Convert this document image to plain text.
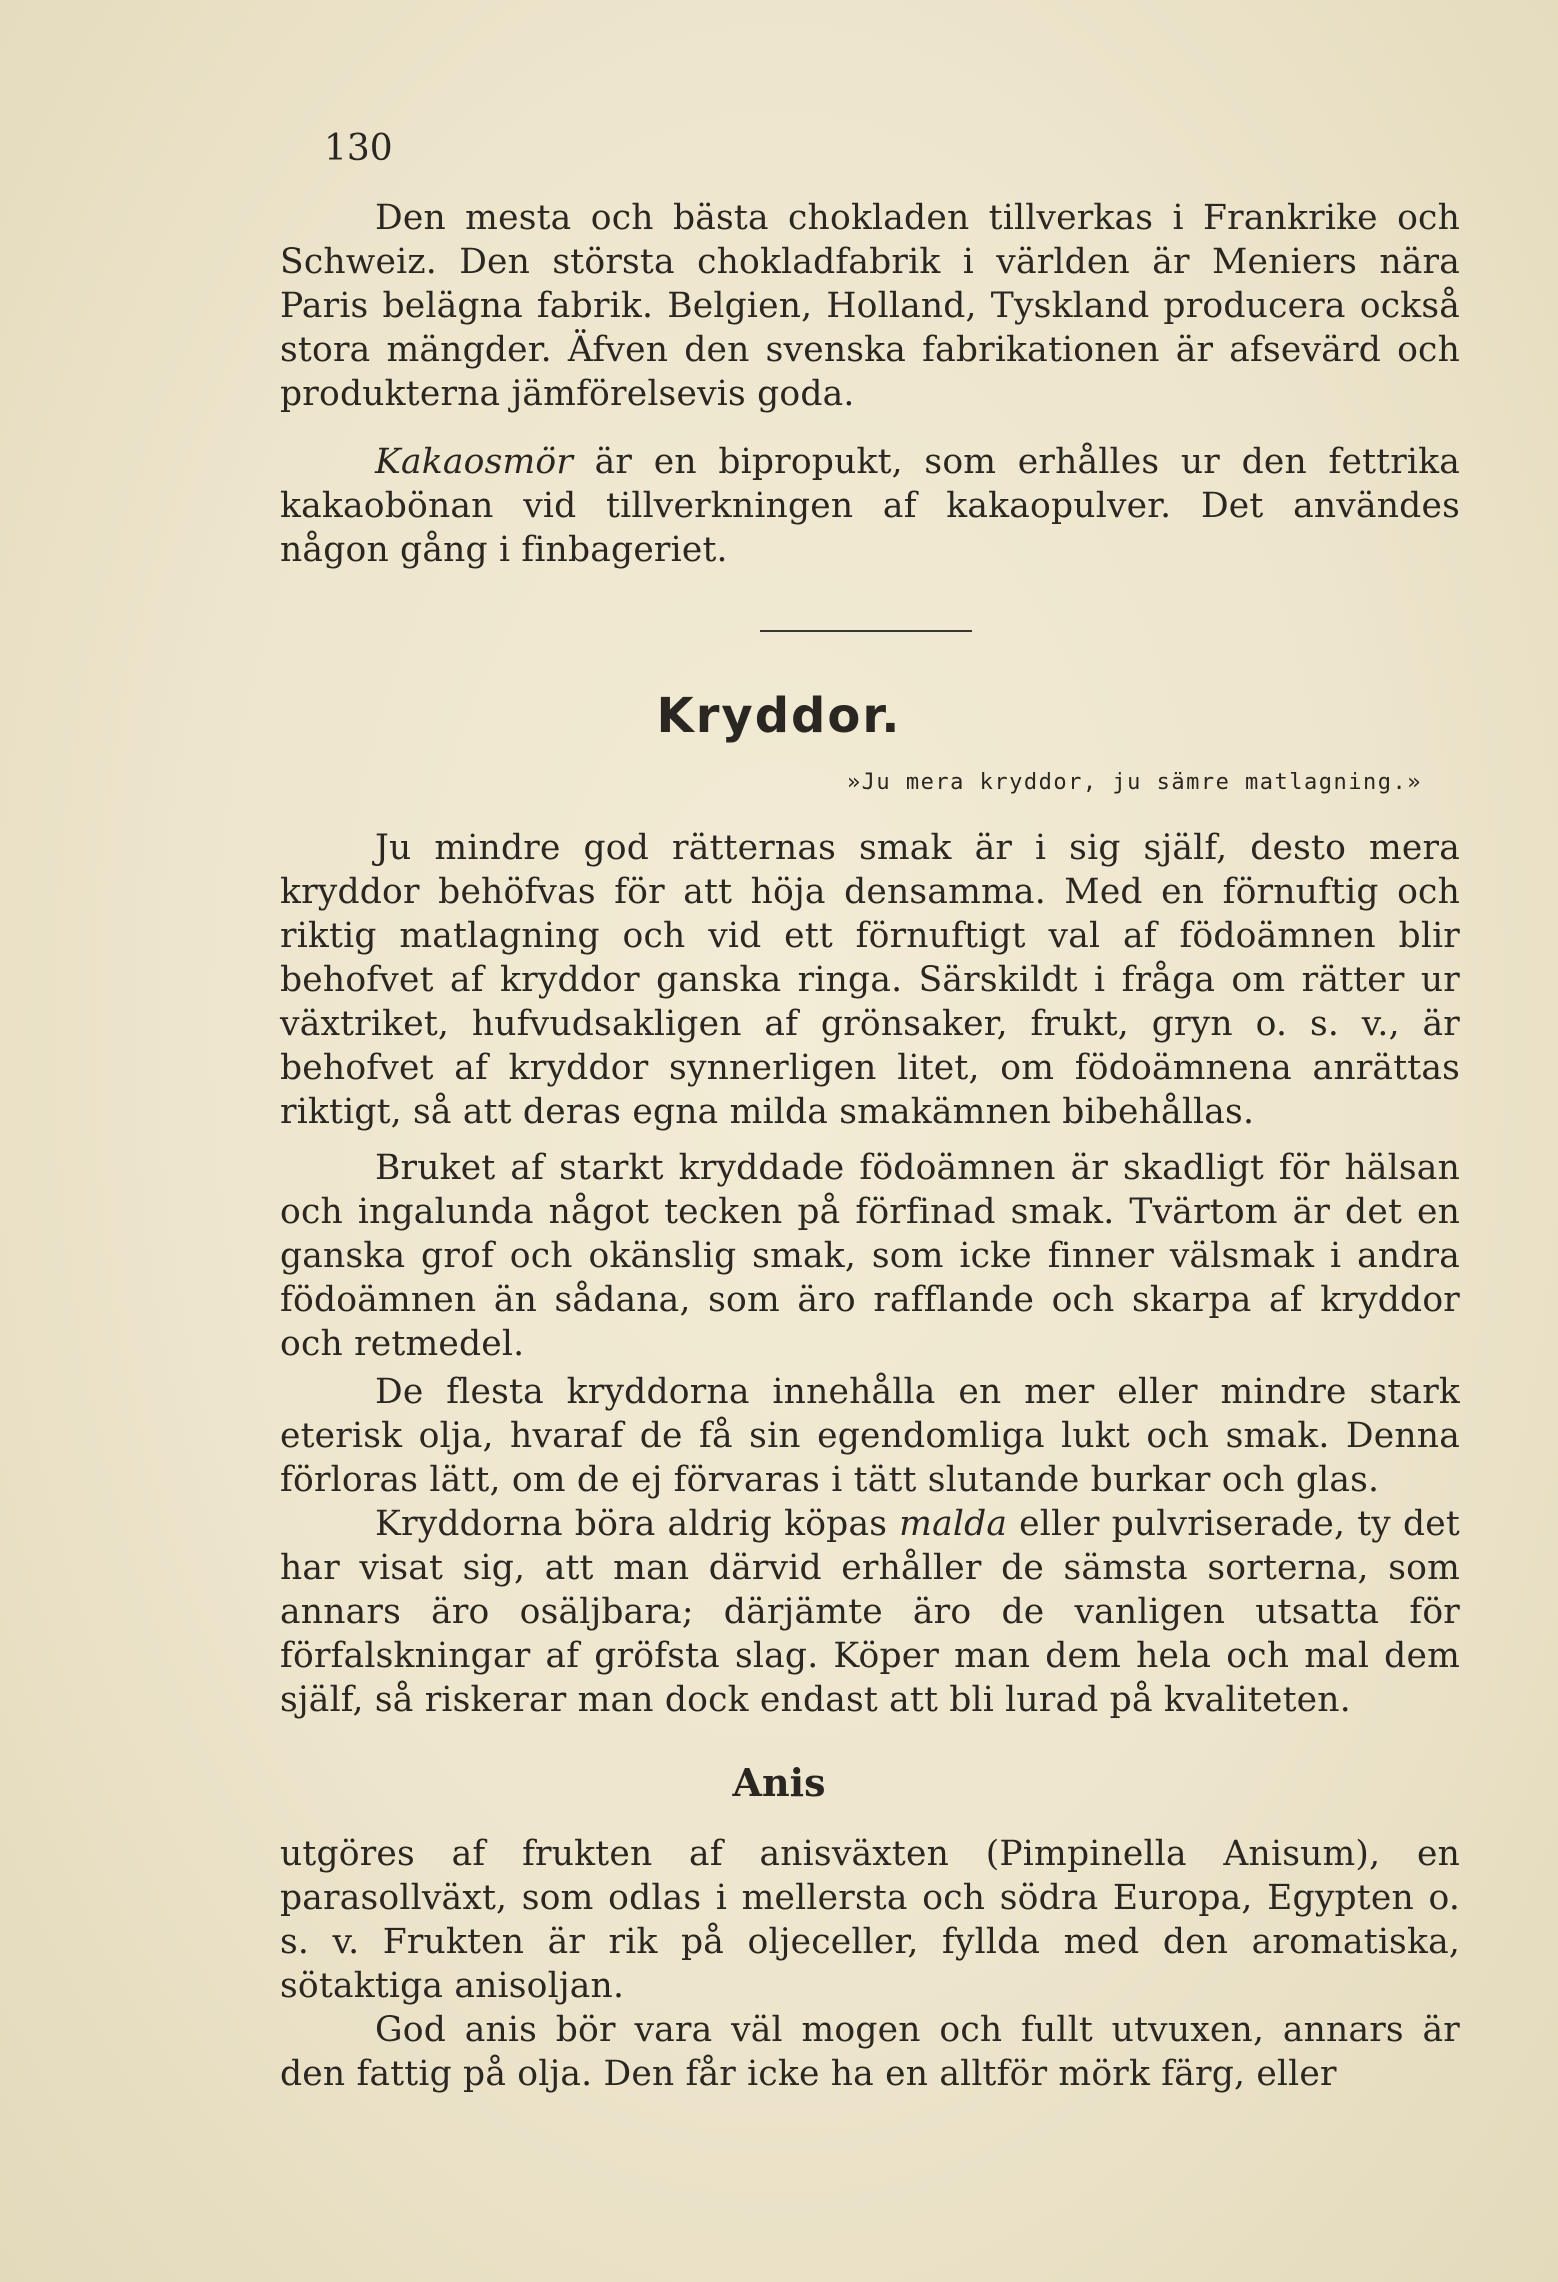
130

Den mesta och bästa chokladen tillverkas i Frankrike och Schweiz. Den största chokladfabrik i världen är Meniers nära Paris belägna fabrik. Belgien, Holland, Tyskland producera också stora mängder. Äfven den svenska fabrikationen är afsevärd och produkterna jämförelsevis goda.

Kakaosmör är en bipropukt, som erhålles ur den fettrika kakaobönan vid tillverkningen af kakaopulver. Det användes någon gång i finbageriet.

Kryddor.
»Ju mera kryddor, ju sämre matlagning.»

Ju mindre god rätternas smak är i sig själf, desto mera kryddor behöfvas för att höja densamma. Med en förnuftig och riktig matlagning och vid ett förnuftigt val af födoämnen blir behofvet af kryddor ganska ringa. Särskildt i fråga om rätter ur växtriket, hufvudsakligen af grönsaker, frukt, gryn o. s. v., är behofvet af kryddor synnerligen litet, om födoämnena anrättas riktigt, så att deras egna milda smakämnen bibehållas.

Bruket af starkt kryddade födoämnen är skadligt för hälsan och ingalunda något tecken på förfinad smak. Tvärtom är det en ganska grof och okänslig smak, som icke finner välsmak i andra födoämnen än sådana, som äro rafflande och skarpa af kryddor och retmedel.

De flesta kryddorna innehålla en mer eller mindre stark eterisk olja, hvaraf de få sin egendomliga lukt och smak. Denna förloras lätt, om de ej förvaras i tätt slutande burkar och glas.

Kryddorna böra aldrig köpas malda eller pulvriserade, ty det har visat sig, att man därvid erhåller de sämsta sorterna, som annars äro osäljbara; därjämte äro de vanligen utsatta för förfalskningar af gröfsta slag. Köper man dem hela och mal dem själf, så riskerar man dock endast att bli lurad på kvaliteten.

Anis

utgöres af frukten af anisväxten (Pimpinella Anisum), en parasollväxt, som odlas i mellersta och södra Europa, Egypten o. s. v. Frukten är rik på oljeceller, fyllda med den aromatiska, sötaktiga anisoljan.

God anis bör vara väl mogen och fullt utvuxen, annars är den fattig på olja. Den får icke ha en alltför mörk färg, eller
